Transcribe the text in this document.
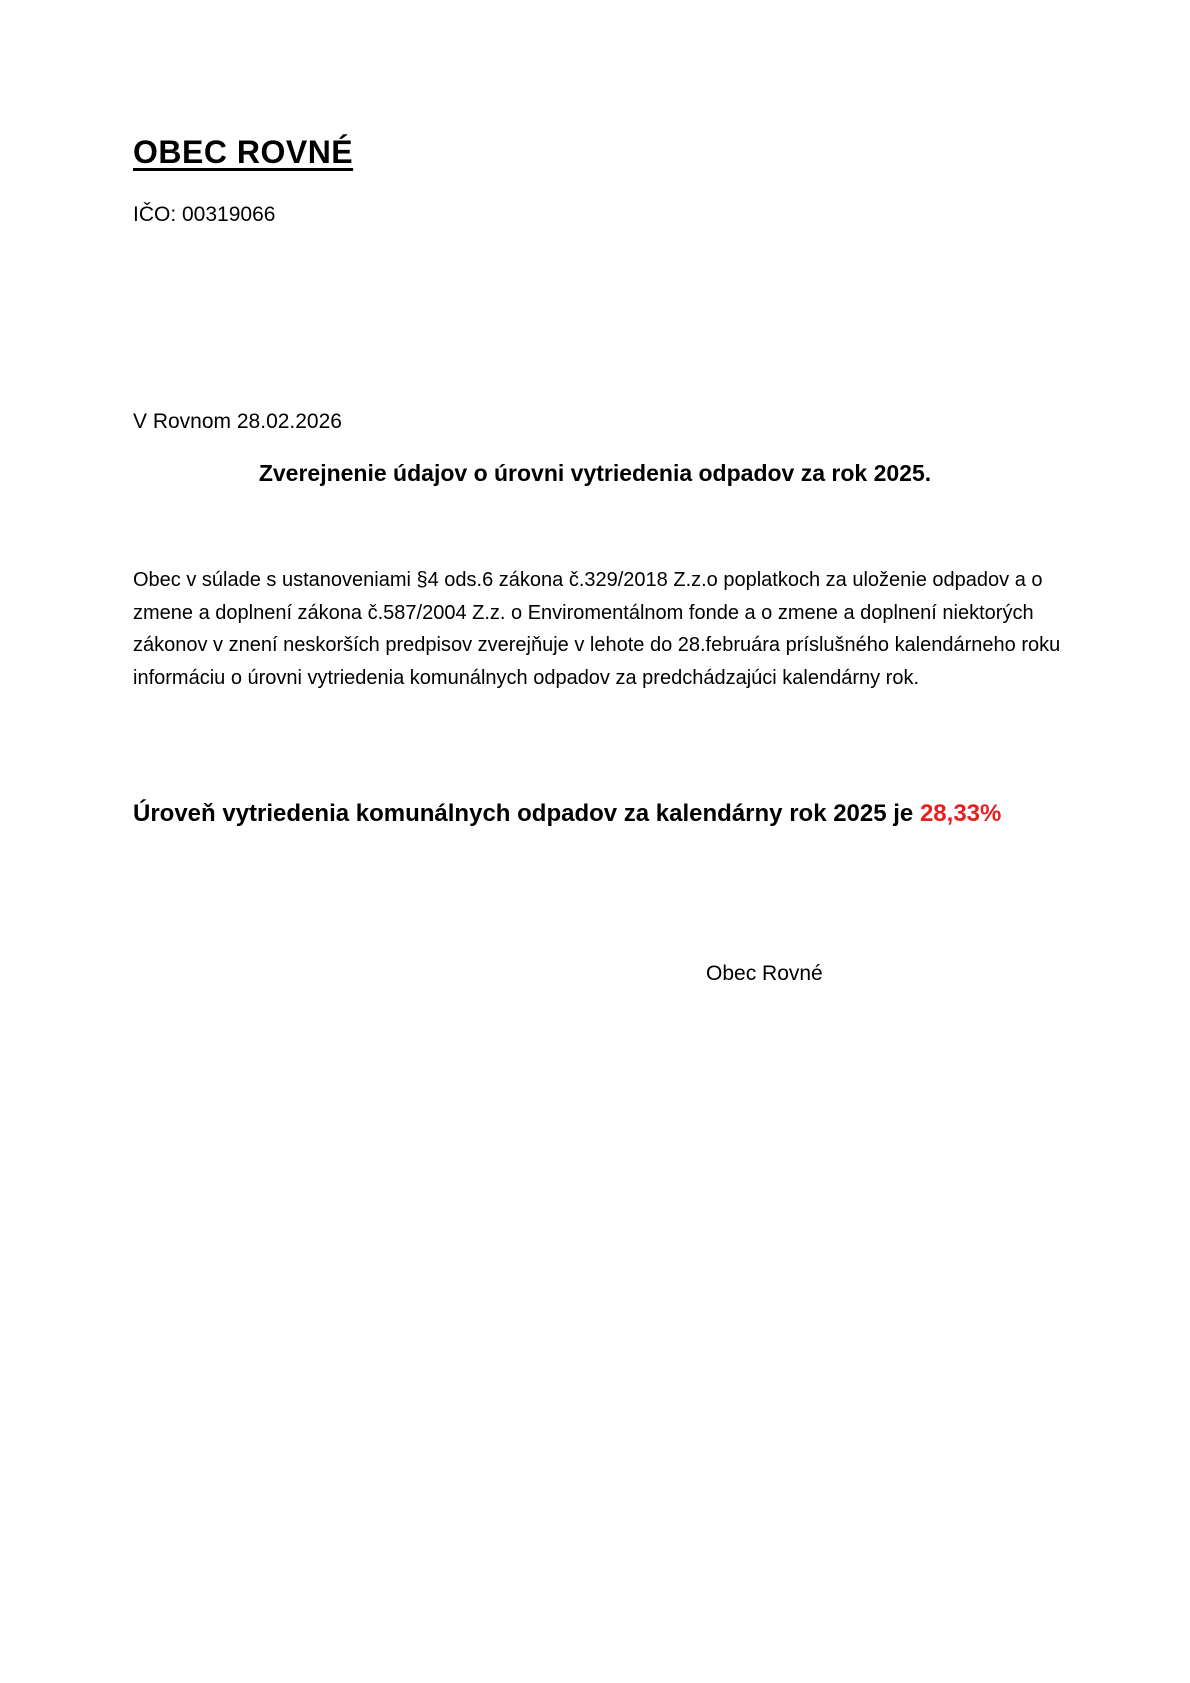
OBEC ROVNÉ
IČO: 00319066
V Rovnom 28.02.2026
Zverejnenie údajov o úrovni vytriedenia odpadov za rok 2025.
Obec v súlade s ustanoveniami §4 ods.6 zákona č.329/2018 Z.z.o poplatkoch za uloženie odpadov a o zmene a doplnení zákona č.587/2004 Z.z. o Enviromentálnom fonde a o zmene a doplnení niektorých zákonov v znení neskorších predpisov zverejňuje v lehote do 28.februára príslušného kalendárneho roku informáciu o úrovni vytriedenia komunálnych odpadov za predchádzajúci kalendárny rok.
Úroveň vytriedenia komunálnych odpadov za kalendárny rok 2025 je 28,33%
Obec Rovné
